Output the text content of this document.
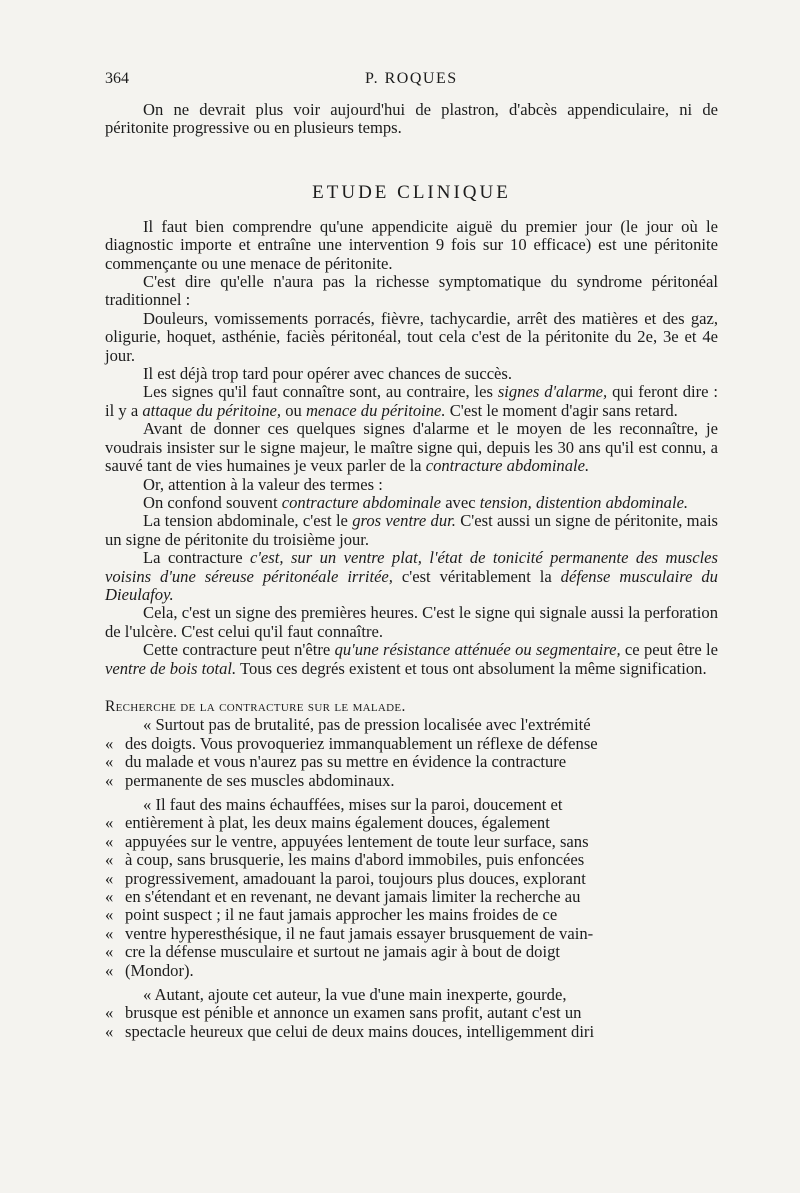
364	P. ROQUES

On ne devrait plus voir aujourd'hui de plastron, d'abcès appendiculaire, ni de péritonite progressive ou en plusieurs temps.

ETUDE CLINIQUE

Il faut bien comprendre qu'une appendicite aiguë du premier jour (le jour où le diagnostic importe et entraîne une intervention 9 fois sur 10 efficace) est une péritonite commençante ou une menace de péritonite.

C'est dire qu'elle n'aura pas la richesse symptomatique du syndrome péritonéal traditionnel :

Douleurs, vomissements porracés, fièvre, tachycardie, arrêt des matières et des gaz, oligurie, hoquet, asthénie, faciès péritonéal, tout cela c'est de la péritonite du 2e, 3e et 4e jour.

Il est déjà trop tard pour opérer avec chances de succès.

Les signes qu'il faut connaître sont, au contraire, les signes d'alarme, qui feront dire : il y a attaque du péritoine, ou menace du péritoine. C'est le moment d'agir sans retard.

Avant de donner ces quelques signes d'alarme et le moyen de les reconnaître, je voudrais insister sur le signe majeur, le maître signe qui, depuis les 30 ans qu'il est connu, a sauvé tant de vies humaines je veux parler de la contracture abdominale.

Or, attention à la valeur des termes :

On confond souvent contracture abdominale avec tension, distention abdominale.

La tension abdominale, c'est le gros ventre dur. C'est aussi un signe de péritonite, mais un signe de péritonite du troisième jour.

La contracture c'est, sur un ventre plat, l'état de tonicité permanente des muscles voisins d'une séreuse péritonéale irritée, c'est véritablement la défense musculaire du Dieulafoy.

Cela, c'est un signe des premières heures. C'est le signe qui signale aussi la perforation de l'ulcère. C'est celui qu'il faut connaître.

Cette contracture peut n'être qu'une résistance atténuée ou segmentaire, ce peut être le ventre de bois total. Tous ces degrés existent et tous ont absolument la même signification.

Recherche de la contracture sur le malade.

« Surtout pas de brutalité, pas de pression localisée avec l'extrémité
« des doigts. Vous provoqueriez immanquablement un réflexe de défense
« du malade et vous n'aurez pas su mettre en évidence la contracture
« permanente de ses muscles abdominaux.
« Il faut des mains échauffées, mises sur la paroi, doucement et
« entièrement à plat, les deux mains également douces, également
« appuyées sur le ventre, appuyées lentement de toute leur surface, sans
« à coup, sans brusquerie, les mains d'abord immobiles, puis enfoncées
« progressivement, amadouant la paroi, toujours plus douces, explorant
« en s'étendant et en revenant, ne devant jamais limiter la recherche au
« point suspect ; il ne faut jamais approcher les mains froides de ce
« ventre hyperesthésique, il ne faut jamais essayer brusquement de vain-
« cre la défense musculaire et surtout ne jamais agir à bout de doigt
« (Mondor).
« Autant, ajoute cet auteur, la vue d'une main inexperte, gourde,
« brusque est pénible et annonce un examen sans profit, autant c'est un
« spectacle heureux que celui de deux mains douces, intelligemment diri
